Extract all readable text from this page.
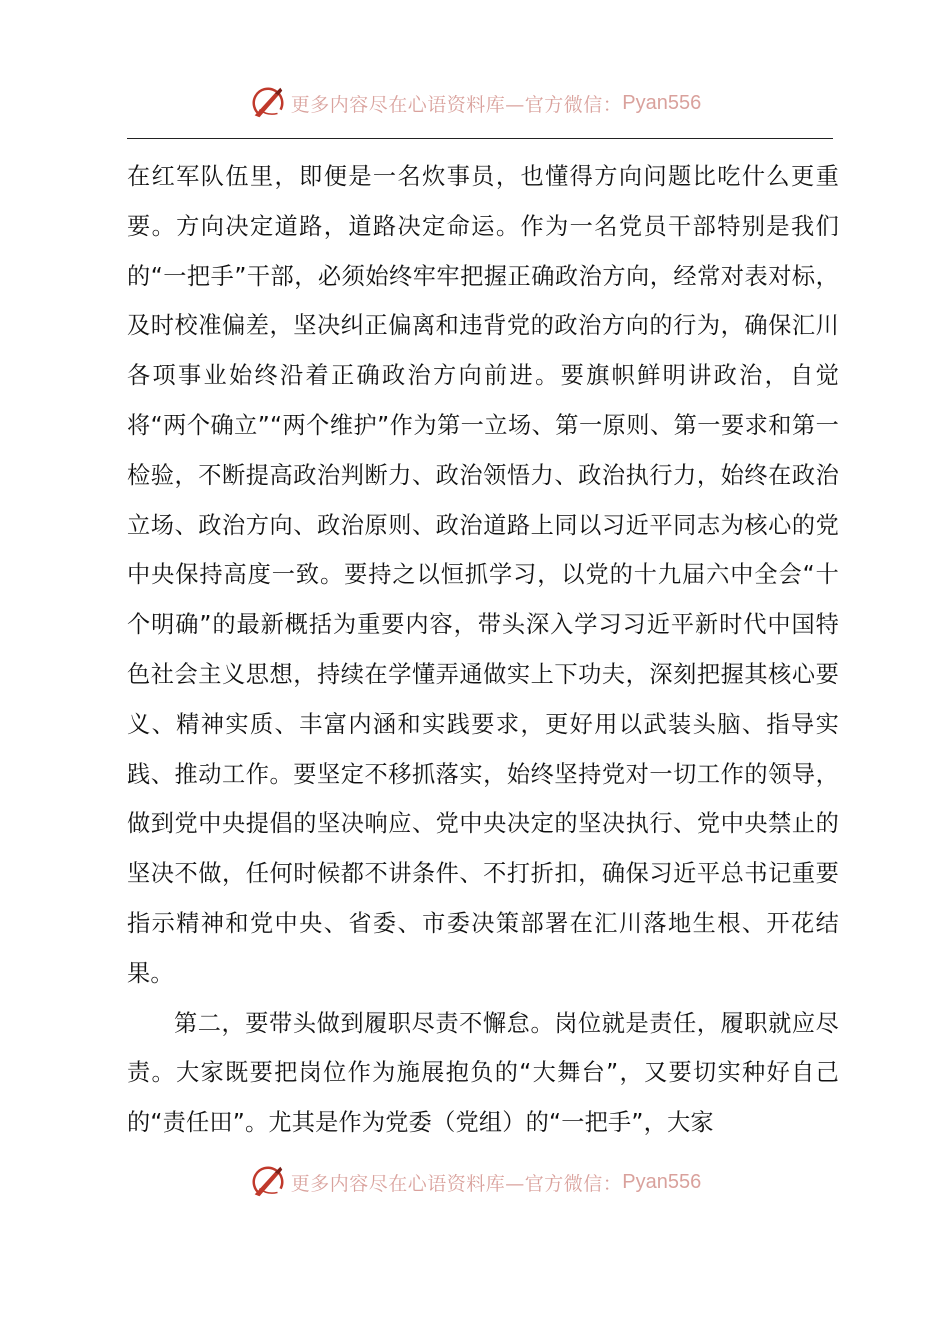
更多内容尽在心语资料库—官方微信： Pyan556

在红军队伍里，即便是一名炊事员，也懂得方向问题比吃什么更重要。方向决定道路，道路决定命运。作为一名党员干部特别是我们的“一把手”干部，必须始终牢牢把握正确政治方向，经常对表对标，及时校准偏差，坚决纠正偏离和违背党的政治方向的行为，确保汇川各项事业始终沿着正确政治方向前进。要旗帜鲜明讲政治，自觉将“两个确立”“两个维护”作为第一立场、第一原则、第一要求和第一检验，不断提高政治判断力、政治领悟力、政治执行力，始终在政治立场、政治方向、政治原则、政治道路上同以习近平同志为核心的党中央保持高度一致。要持之以恒抓学习，以党的十九届六中全会“十个明确”的最新概括为重要内容，带头深入学习习近平新时代中国特色社会主义思想，持续在学懂弄通做实上下功夫，深刻把握其核心要义、精神实质、丰富内涵和实践要求，更好用以武装头脑、指导实践、推动工作。要坚定不移抓落实，始终坚持党对一切工作的领导，做到党中央提倡的坚决响应、党中央决定的坚决执行、党中央禁止的坚决不做，任何时候都不讲条件、不打折扣，确保习近平总书记重要指示精神和党中央、省委、市委决策部署在汇川落地生根、开花结果。

第二，要带头做到履职尽责不懈怠。岗位就是责任，履职就应尽责。大家既要把岗位作为施展抱负的“大舞台”，又要切实种好自己的“责任田”。尤其是作为党委（党组）的“一把手”，大家

更多内容尽在心语资料库—官方微信： Pyan556
